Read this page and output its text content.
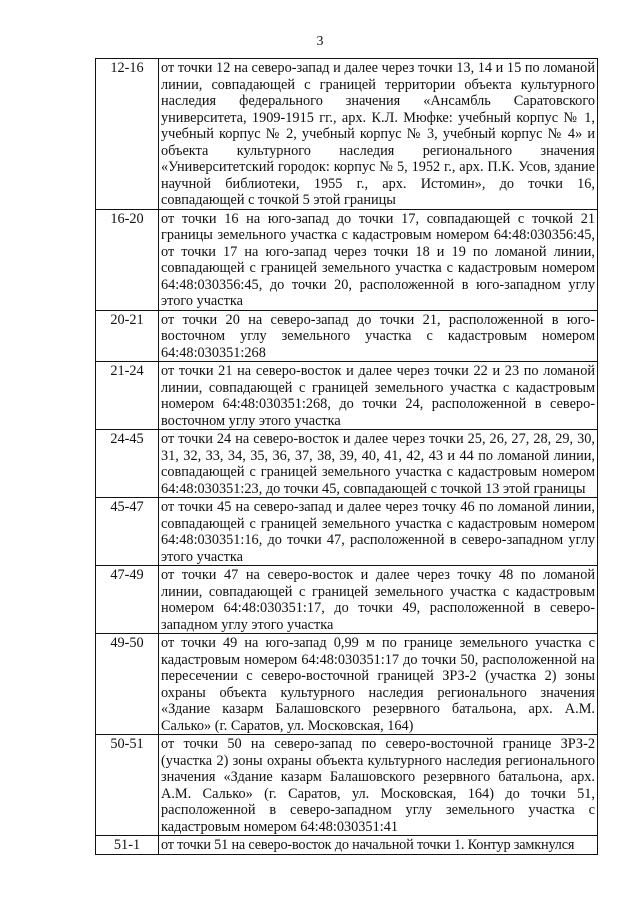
3
12-16	от точки 12 на северо-запад и далее через точки 13, 14 и 15 по ломаной линии, совпадающей с границей территории объекта культурного наследия федерального значения «Ансамбль Саратовского университета, 1909-1915 гг., арх. К.Л. Мюфке: учебный корпус № 1, учебный корпус № 2, учебный корпус № 3, учебный корпус № 4» и объекта культурного наследия регионального значения «Университетский городок: корпус № 5, 1952 г., арх. П.К. Усов, здание научной библиотеки, 1955 г., арх. Истомин», до точки 16, совпадающей с точкой 5 этой границы
16-20	от точки 16 на юго-запад до точки 17, совпадающей с точкой 21 границы земельного участка с кадастровым номером 64:48:030356:45, от точки 17 на юго-запад через точки 18 и 19 по ломаной линии, совпадающей с границей земельного участка с кадастровым номером 64:48:030356:45, до точки 20, расположенной в юго-западном углу этого участка
20-21	от точки 20 на северо-запад до точки 21, расположенной в юго-восточном углу земельного участка с кадастровым номером 64:48:030351:268
21-24	от точки 21 на северо-восток и далее через точки 22 и 23 по ломаной линии, совпадающей с границей земельного участка с кадастровым номером 64:48:030351:268, до точки 24, расположенной в северо-восточном углу этого участка
24-45	от точки 24 на северо-восток и далее через точки 25, 26, 27, 28, 29, 30, 31, 32, 33, 34, 35, 36, 37, 38, 39, 40, 41, 42, 43 и 44 по ломаной линии, совпадающей с границей земельного участка с кадастровым номером 64:48:030351:23, до точки 45, совпадающей с точкой 13 этой границы
45-47	от точки 45 на северо-запад и далее через точку 46 по ломаной линии, совпадающей с границей земельного участка с кадастровым номером 64:48:030351:16, до точки 47, расположенной в северо-западном углу этого участка
47-49	от точки 47 на северо-восток и далее через точку 48 по ломаной линии, совпадающей с границей земельного участка с кадастровым номером 64:48:030351:17, до точки 49, расположенной в северо-западном углу этого участка
49-50	от точки 49 на юго-запад 0,99 м по границе земельного участка с кадастровым номером 64:48:030351:17 до точки 50, расположенной на пересечении с северо-восточной границей ЗРЗ-2 (участка 2) зоны охраны объекта культурного наследия регионального значения «Здание казарм Балашовского резервного батальона, арх. А.М. Салько» (г. Саратов, ул. Московская, 164)
50-51	от точки 50 на северо-запад по северо-восточной границе ЗРЗ-2 (участка 2) зоны охраны объекта культурного наследия регионального значения «Здание казарм Балашовского резервного батальона, арх. А.М. Салько» (г. Саратов, ул. Московская, 164) до точки 51, расположенной в северо-западном углу земельного участка с кадастровым номером 64:48:030351:41
51-1	от точки 51 на северо-восток до начальной точки 1. Контур замкнулся
